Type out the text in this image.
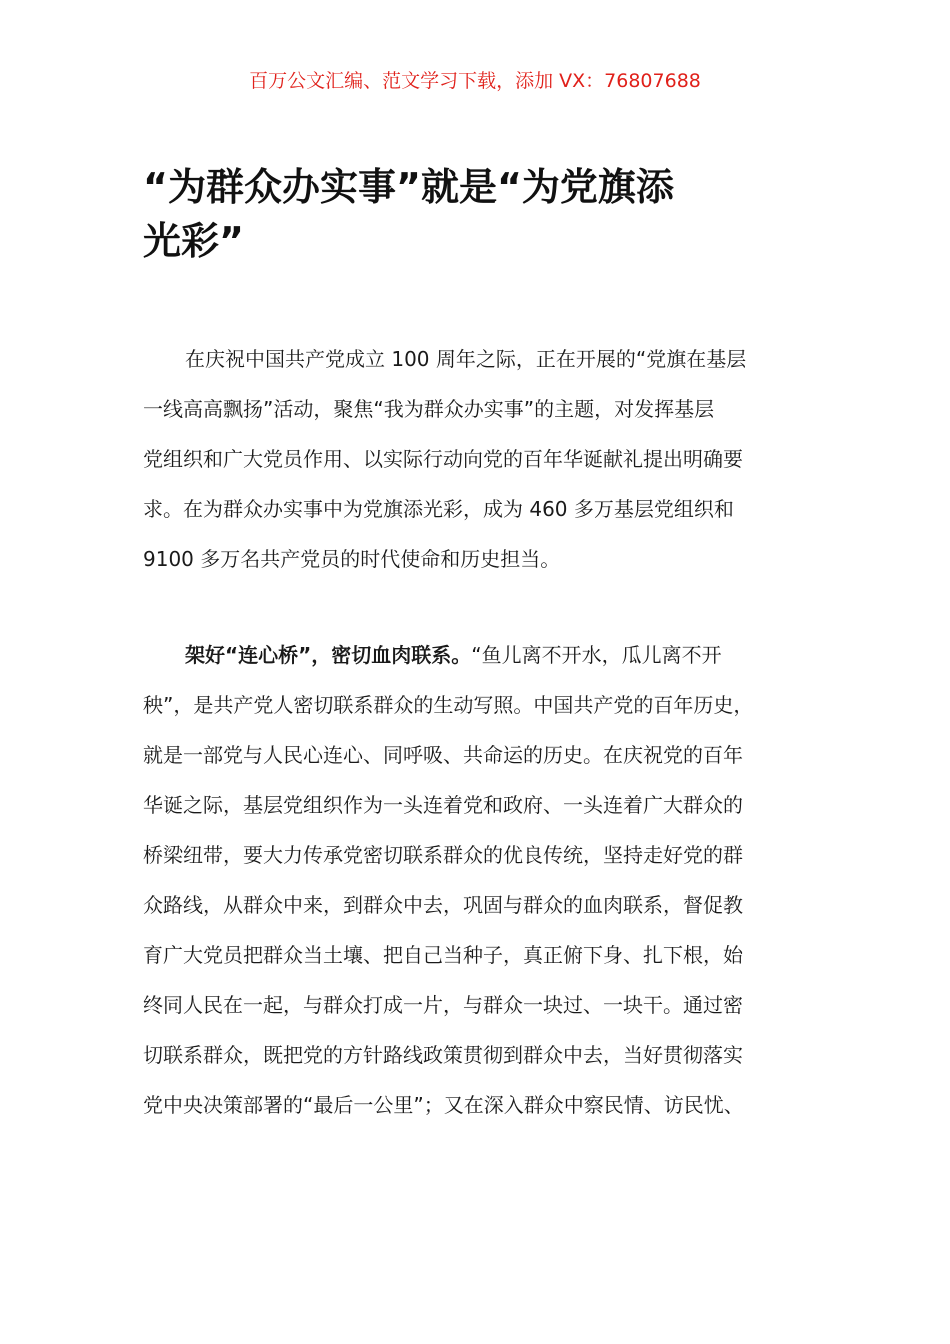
百万公文汇编、范文学习下载，添加 VX：76807688
“为群众办实事”就是“为党旗添
光彩”
在庆祝中国共产党成立 100 周年之际，正在开展的“党旗在基层
一线高高飘扬”活动，聚焦“我为群众办实事”的主题，对发挥基层
党组织和广大党员作用、以实际行动向党的百年华诞献礼提出明确要
求。在为群众办实事中为党旗添光彩，成为 460 多万基层党组织和
9100 多万名共产党员的时代使命和历史担当。
架好“连心桥”，密切血肉联系。“鱼儿离不开水，瓜儿离不开
秧”，是共产党人密切联系群众的生动写照。中国共产党的百年历史，
就是一部党与人民心连心、同呼吸、共命运的历史。在庆祝党的百年
华诞之际，基层党组织作为一头连着党和政府、一头连着广大群众的
桥梁纽带，要大力传承党密切联系群众的优良传统，坚持走好党的群
众路线，从群众中来，到群众中去，巩固与群众的血肉联系，督促教
育广大党员把群众当土壤、把自己当种子，真正俯下身、扎下根，始
终同人民在一起，与群众打成一片，与群众一块过、一块干。通过密
切联系群众，既把党的方针路线政策贯彻到群众中去，当好贯彻落实
党中央决策部署的“最后一公里”；又在深入群众中察民情、访民忧、
